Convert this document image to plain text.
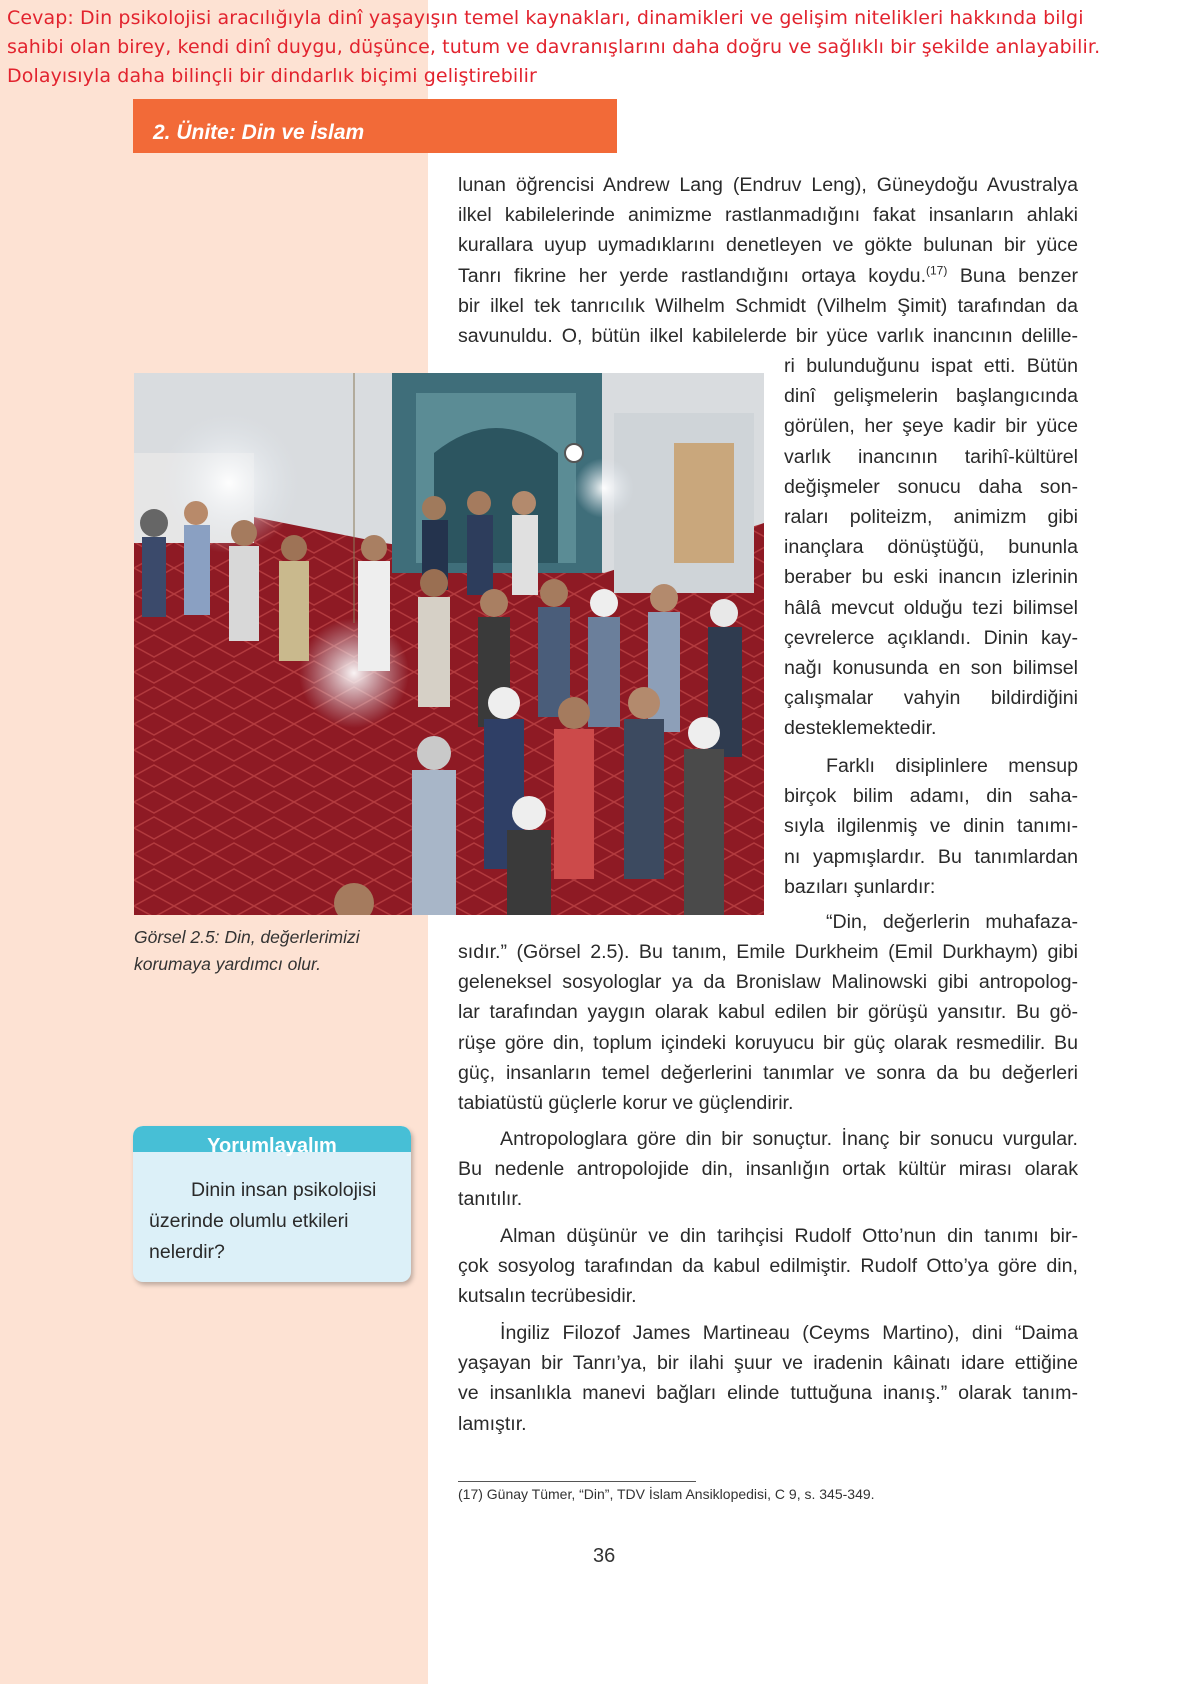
Cevap: Din psikolojisi aracılığıyla dinî yaşayışın temel kaynakları, dinamikleri ve gelişim nitelikleri hakkında bilgi
sahibi olan birey, kendi dinî duygu, düşünce, tutum ve davranışlarını daha doğru ve sağlıklı bir şekilde anlayabilir.
Dolayısıyla daha bilinçli bir dindarlık biçimi geliştirebilir
2. Ünite: Din ve İslam
lunan öğrencisi Andrew Lang (Endruv Leng), Güneydoğu Avustralya
ilkel kabilelerinde animizme rastlanmadığını fakat insanların ahlaki
kurallara uyup uymadıklarını denetleyen ve gökte bulunan bir yüce
Tanrı fikrine her yerde rastlandığını ortaya koydu.$^{(17)}$ Buna benzer
bir ilkel tek tanrıcılık Wilhelm Schmidt (Vilhelm Şimit) tarafından da
savunuldu. O, bütün ilkel kabilelerde bir yüce varlık inancının delille-
Görsel 2.5: Din, değerlerimizi
korumaya yardımcı olur.
ri bulunduğunu ispat etti. Bütün
dinî gelişmelerin başlangıcında
görülen, her şeye kadir bir yüce
varlık inancının tarihî-kültürel
değişmeler sonucu daha son-
raları politeizm, animizm gibi
inançlara dönüştüğü, bununla
beraber bu eski inancın izlerinin
hâlâ mevcut olduğu tezi bilimsel
çevrelerce açıklandı. Dinin kay-
nağı konusunda en son bilimsel
çalışmalar vahyin bildirdiğini
desteklemektedir.
Farklı disiplinlere mensup
birçok bilim adamı, din saha-
sıyla ilgilenmiş ve dinin tanımı-
nı yapmışlardır. Bu tanımlardan
bazıları şunlardır:
“Din, değerlerin muhafaza-
sıdır.” (Görsel 2.5). Bu tanım, Emile Durkheim (Emil Durkhaym) gibi
geleneksel sosyologlar ya da Bronislaw Malinowski gibi antropolog-
lar tarafından yaygın olarak kabul edilen bir görüşü yansıtır. Bu gö-
rüşe göre din, toplum içindeki koruyucu bir güç olarak resmedilir. Bu
güç, insanların temel değerlerini tanımlar ve sonra da bu değerleri
tabiatüstü güçlerle korur ve güçlendirir.
Antropologlara göre din bir sonuçtur. İnanç bir sonucu vurgular.
Bu nedenle antropolojide din, insanlığın ortak kültür mirası olarak
tanıtılır.
Alman düşünür ve din tarihçisi Rudolf Otto’nun din tanımı bir-
çok sosyolog tarafından da kabul edilmiştir. Rudolf Otto’ya göre din,
kutsalın tecrübesidir.
İngiliz Filozof James Martineau (Ceyms Martino), dini “Daima
yaşayan bir Tanrı’ya, bir ilahi şuur ve iradenin kâinatı idare ettiğine
ve insanlıkla manevi bağları elinde tuttuğuna inanış.” olarak tanım-
lamıştır.
Yorumlayalım
Dinin insan psikolojisi
üzerinde olumlu etkileri
nelerdir?
(17) Günay Tümer, “Din”, TDV İslam Ansiklopedisi, C 9, s. 345-349.
36
